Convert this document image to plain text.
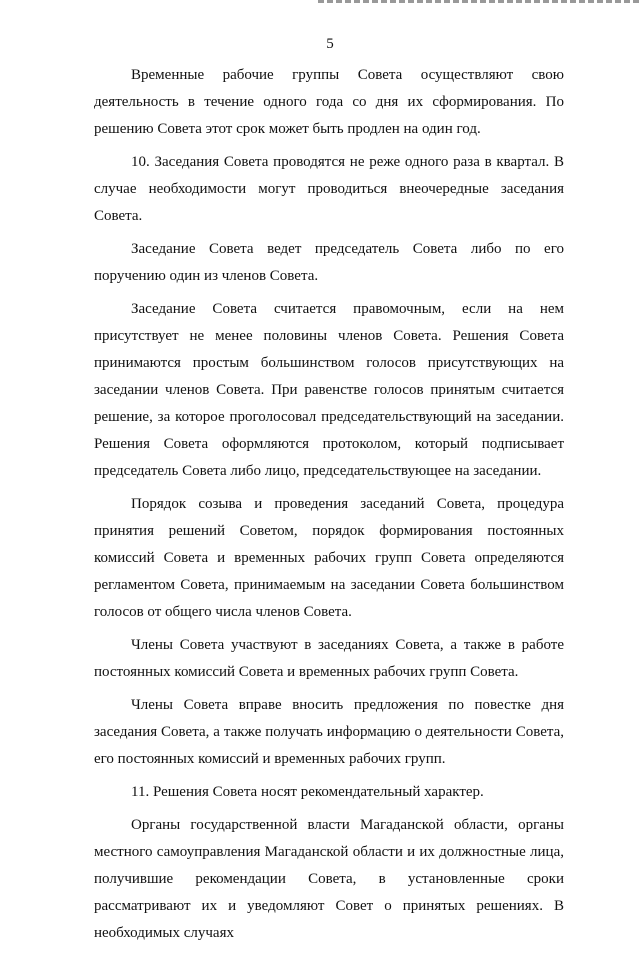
5

Временные рабочие группы Совета осуществляют свою деятельность в течение одного года со дня их сформирования. По решению Совета этот срок может быть продлен на один год.

10. Заседания Совета проводятся не реже одного раза в квартал. В случае необходимости могут проводиться внеочередные заседания Совета.

Заседание Совета ведет председатель Совета либо по его поручению один из членов Совета.

Заседание Совета считается правомочным, если на нем присутствует не менее половины членов Совета. Решения Совета принимаются простым большинством голосов присутствующих на заседании членов Совета. При равенстве голосов принятым считается решение, за которое проголосовал председательствующий на заседании. Решения Совета оформляются протоколом, который подписывает председатель Совета либо лицо, председательствующее на заседании.

Порядок созыва и проведения заседаний Совета, процедура принятия решений Советом, порядок формирования постоянных комиссий Совета и временных рабочих групп Совета определяются регламентом Совета, принимаемым на заседании Совета большинством голосов от общего числа членов Совета.

Члены Совета участвуют в заседаниях Совета, а также в работе постоянных комиссий Совета и временных рабочих групп Совета.

Члены Совета вправе вносить предложения по повестке дня заседания Совета, а также получать информацию о деятельности Совета, его постоянных комиссий и временных рабочих групп.

11. Решения Совета носят рекомендательный характер.

Органы государственной власти Магаданской области, органы местного самоуправления Магаданской области и их должностные лица, получившие рекомендации Совета, в установленные сроки рассматривают их и уведомляют Совет о принятых решениях. В необходимых случаях
